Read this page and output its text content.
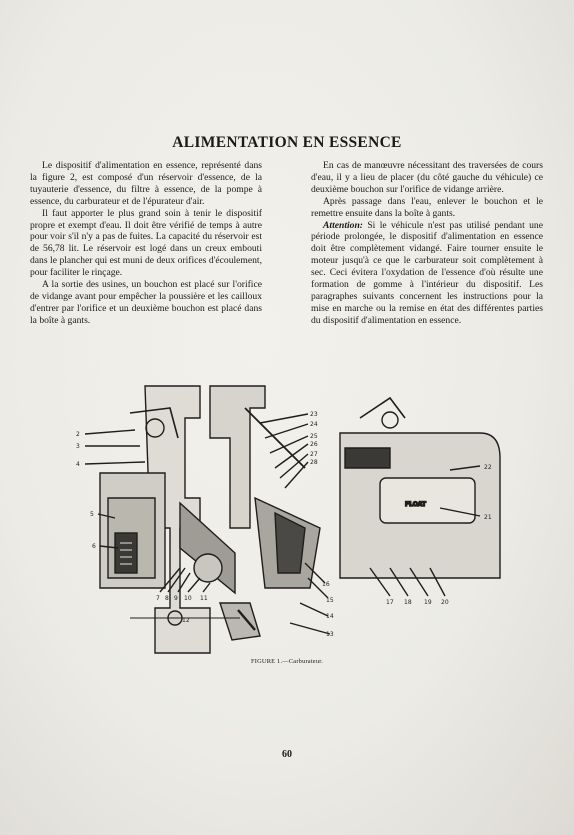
ALIMENTATION EN ESSENCE

Le dispositif d'alimentation en essence, représenté dans la figure 2, est composé d'un réservoir d'essence, de la tuyauterie d'essence, du filtre à essence, de la pompe à essence, du carburateur et de l'épurateur d'air.

Il faut apporter le plus grand soin à tenir le dispositif propre et exempt d'eau. Il doit être vérifié de temps à autre pour voir s'il n'y a pas de fuites. La capacité du réservoir est de 56,78 lit. Le réservoir est logé dans un creux embouti dans le plancher qui est muni de deux orifices d'écoulement, pour faciliter le rinçage.

A la sortie des usines, un bouchon est placé sur l'orifice de vidange avant pour empêcher la poussière et les cailloux d'entrer par l'orifice et un deuxième bouchon est placé dans la boîte à gants.

En cas de manœuvre nécessitant des traversées de cours d'eau, il y a lieu de placer (du côté gauche du véhicule) ce deuxième bouchon sur l'orifice de vidange arrière.

Après passage dans l'eau, enlever le bouchon et le remettre ensuite dans la boîte à gants.

Attention: Si le véhicule n'est pas utilisé pendant une période prolongée, le dispositif d'alimentation en essence doit être complètement vidangé. Faire tourner ensuite le moteur jusqu'à ce que le carburateur soit complètement à sec. Ceci évitera l'oxydation de l'essence d'où résulte une formation de gomme à l'intérieur du dispositif. Les paragraphes suivants concernent les instructions pour la mise en marche ou la remise en état des différentes parties du dispositif d'alimentation en essence.

FLOAT
2
3
4
5
6
7 8 9 10 11
12
13
14
15
16
17 18 19 20
21
22
23
24
25
26
27
28
FIGURE 1.—Carburateur.
60
